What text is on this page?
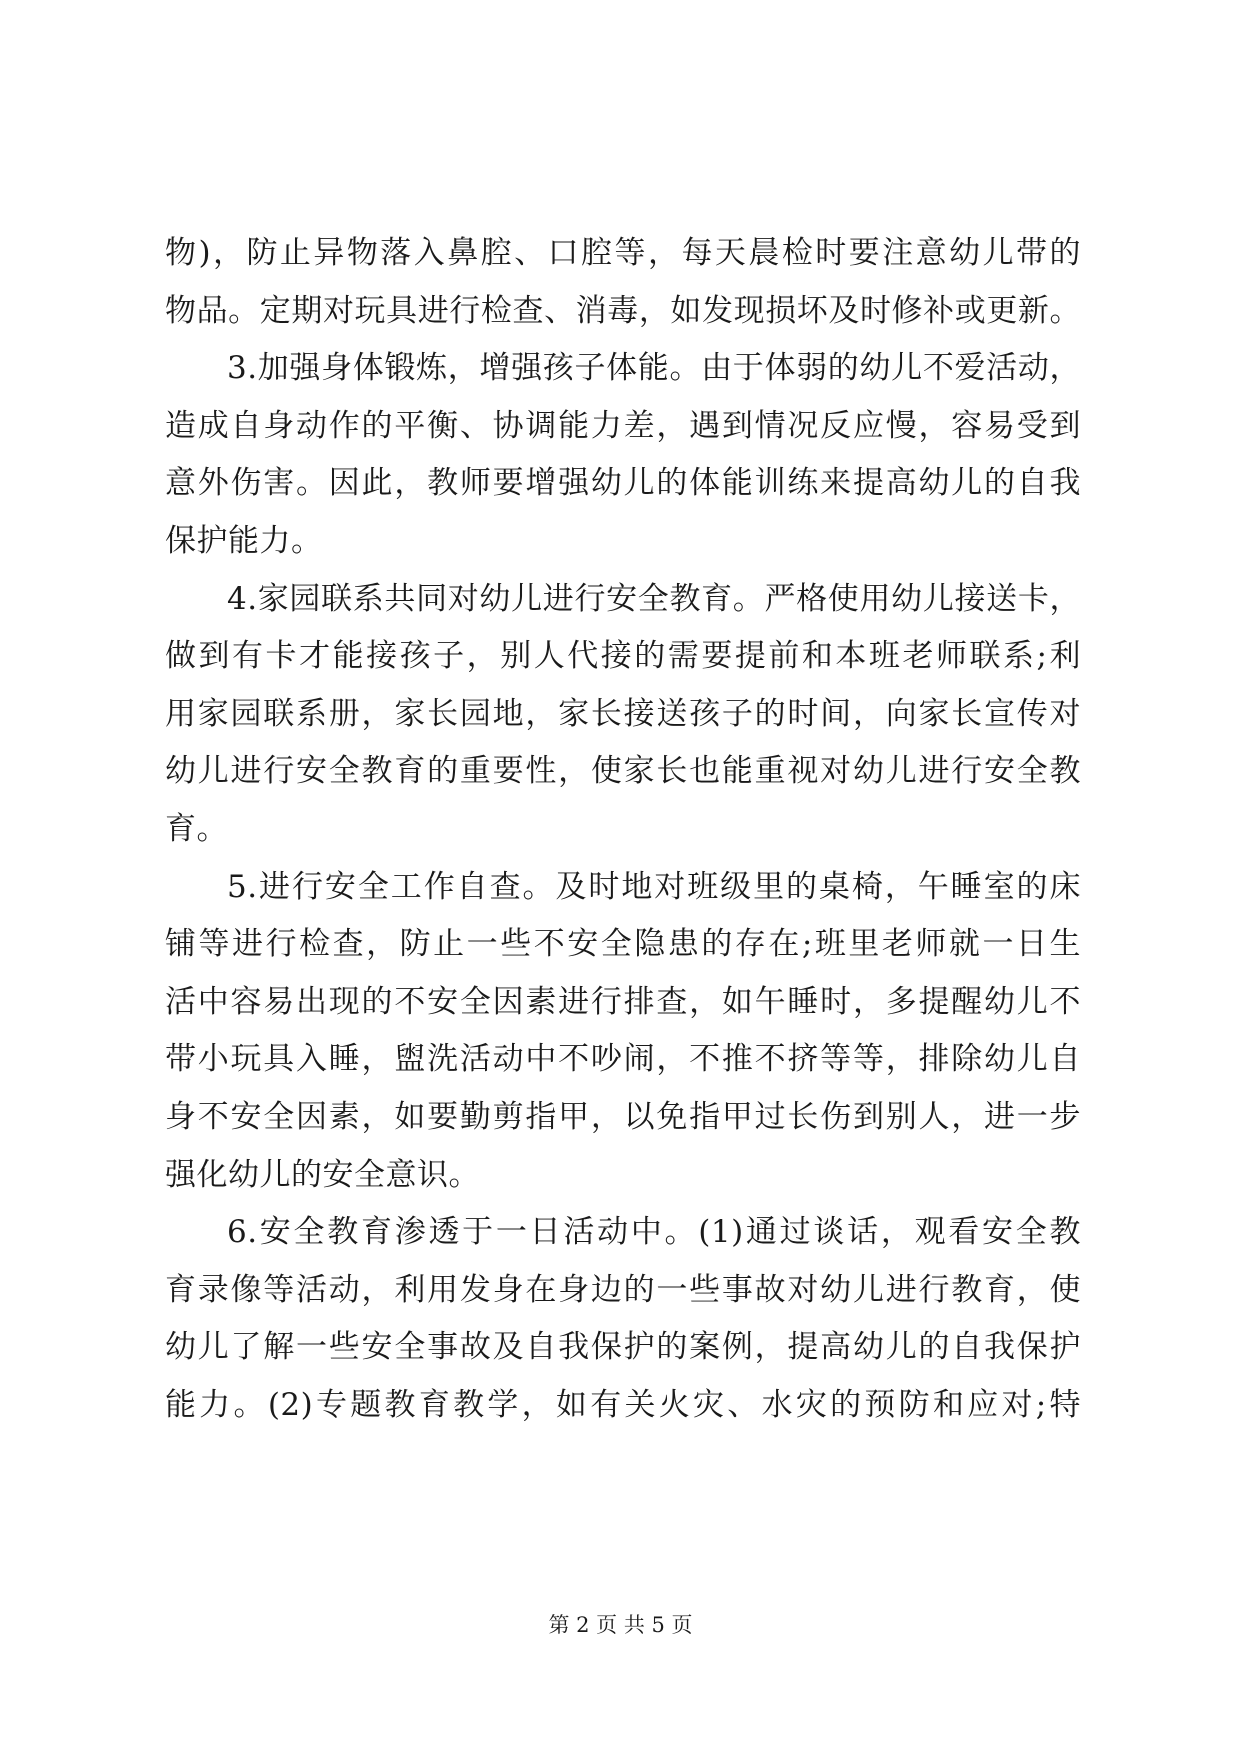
物)，防止异物落入鼻腔、口腔等，每天晨检时要注意幼儿带的
物品。定期对玩具进行检查、消毒，如发现损坏及时修补或更新。
3.加强身体锻炼，增强孩子体能。由于体弱的幼儿不爱活动，
造成自身动作的平衡、协调能力差，遇到情况反应慢，容易受到
意外伤害。因此，教师要增强幼儿的体能训练来提高幼儿的自我
保护能力。
4.家园联系共同对幼儿进行安全教育。严格使用幼儿接送卡，
做到有卡才能接孩子，别人代接的需要提前和本班老师联系;利
用家园联系册，家长园地，家长接送孩子的时间，向家长宣传对
幼儿进行安全教育的重要性，使家长也能重视对幼儿进行安全教
育。
5.进行安全工作自查。及时地对班级里的桌椅，午睡室的床
铺等进行检查，防止一些不安全隐患的存在;班里老师就一日生
活中容易出现的不安全因素进行排查，如午睡时，多提醒幼儿不
带小玩具入睡，盥洗活动中不吵闹，不推不挤等等，排除幼儿自
身不安全因素，如要勤剪指甲，以免指甲过长伤到别人，进一步
强化幼儿的安全意识。
6.安全教育渗透于一日活动中。(1)通过谈话，观看安全教
育录像等活动，利用发身在身边的一些事故对幼儿进行教育，使
幼儿了解一些安全事故及自我保护的案例，提高幼儿的自我保护
能力。(2)专题教育教学，如有关火灾、水灾的预防和应对;特
第 2 页 共 5 页
